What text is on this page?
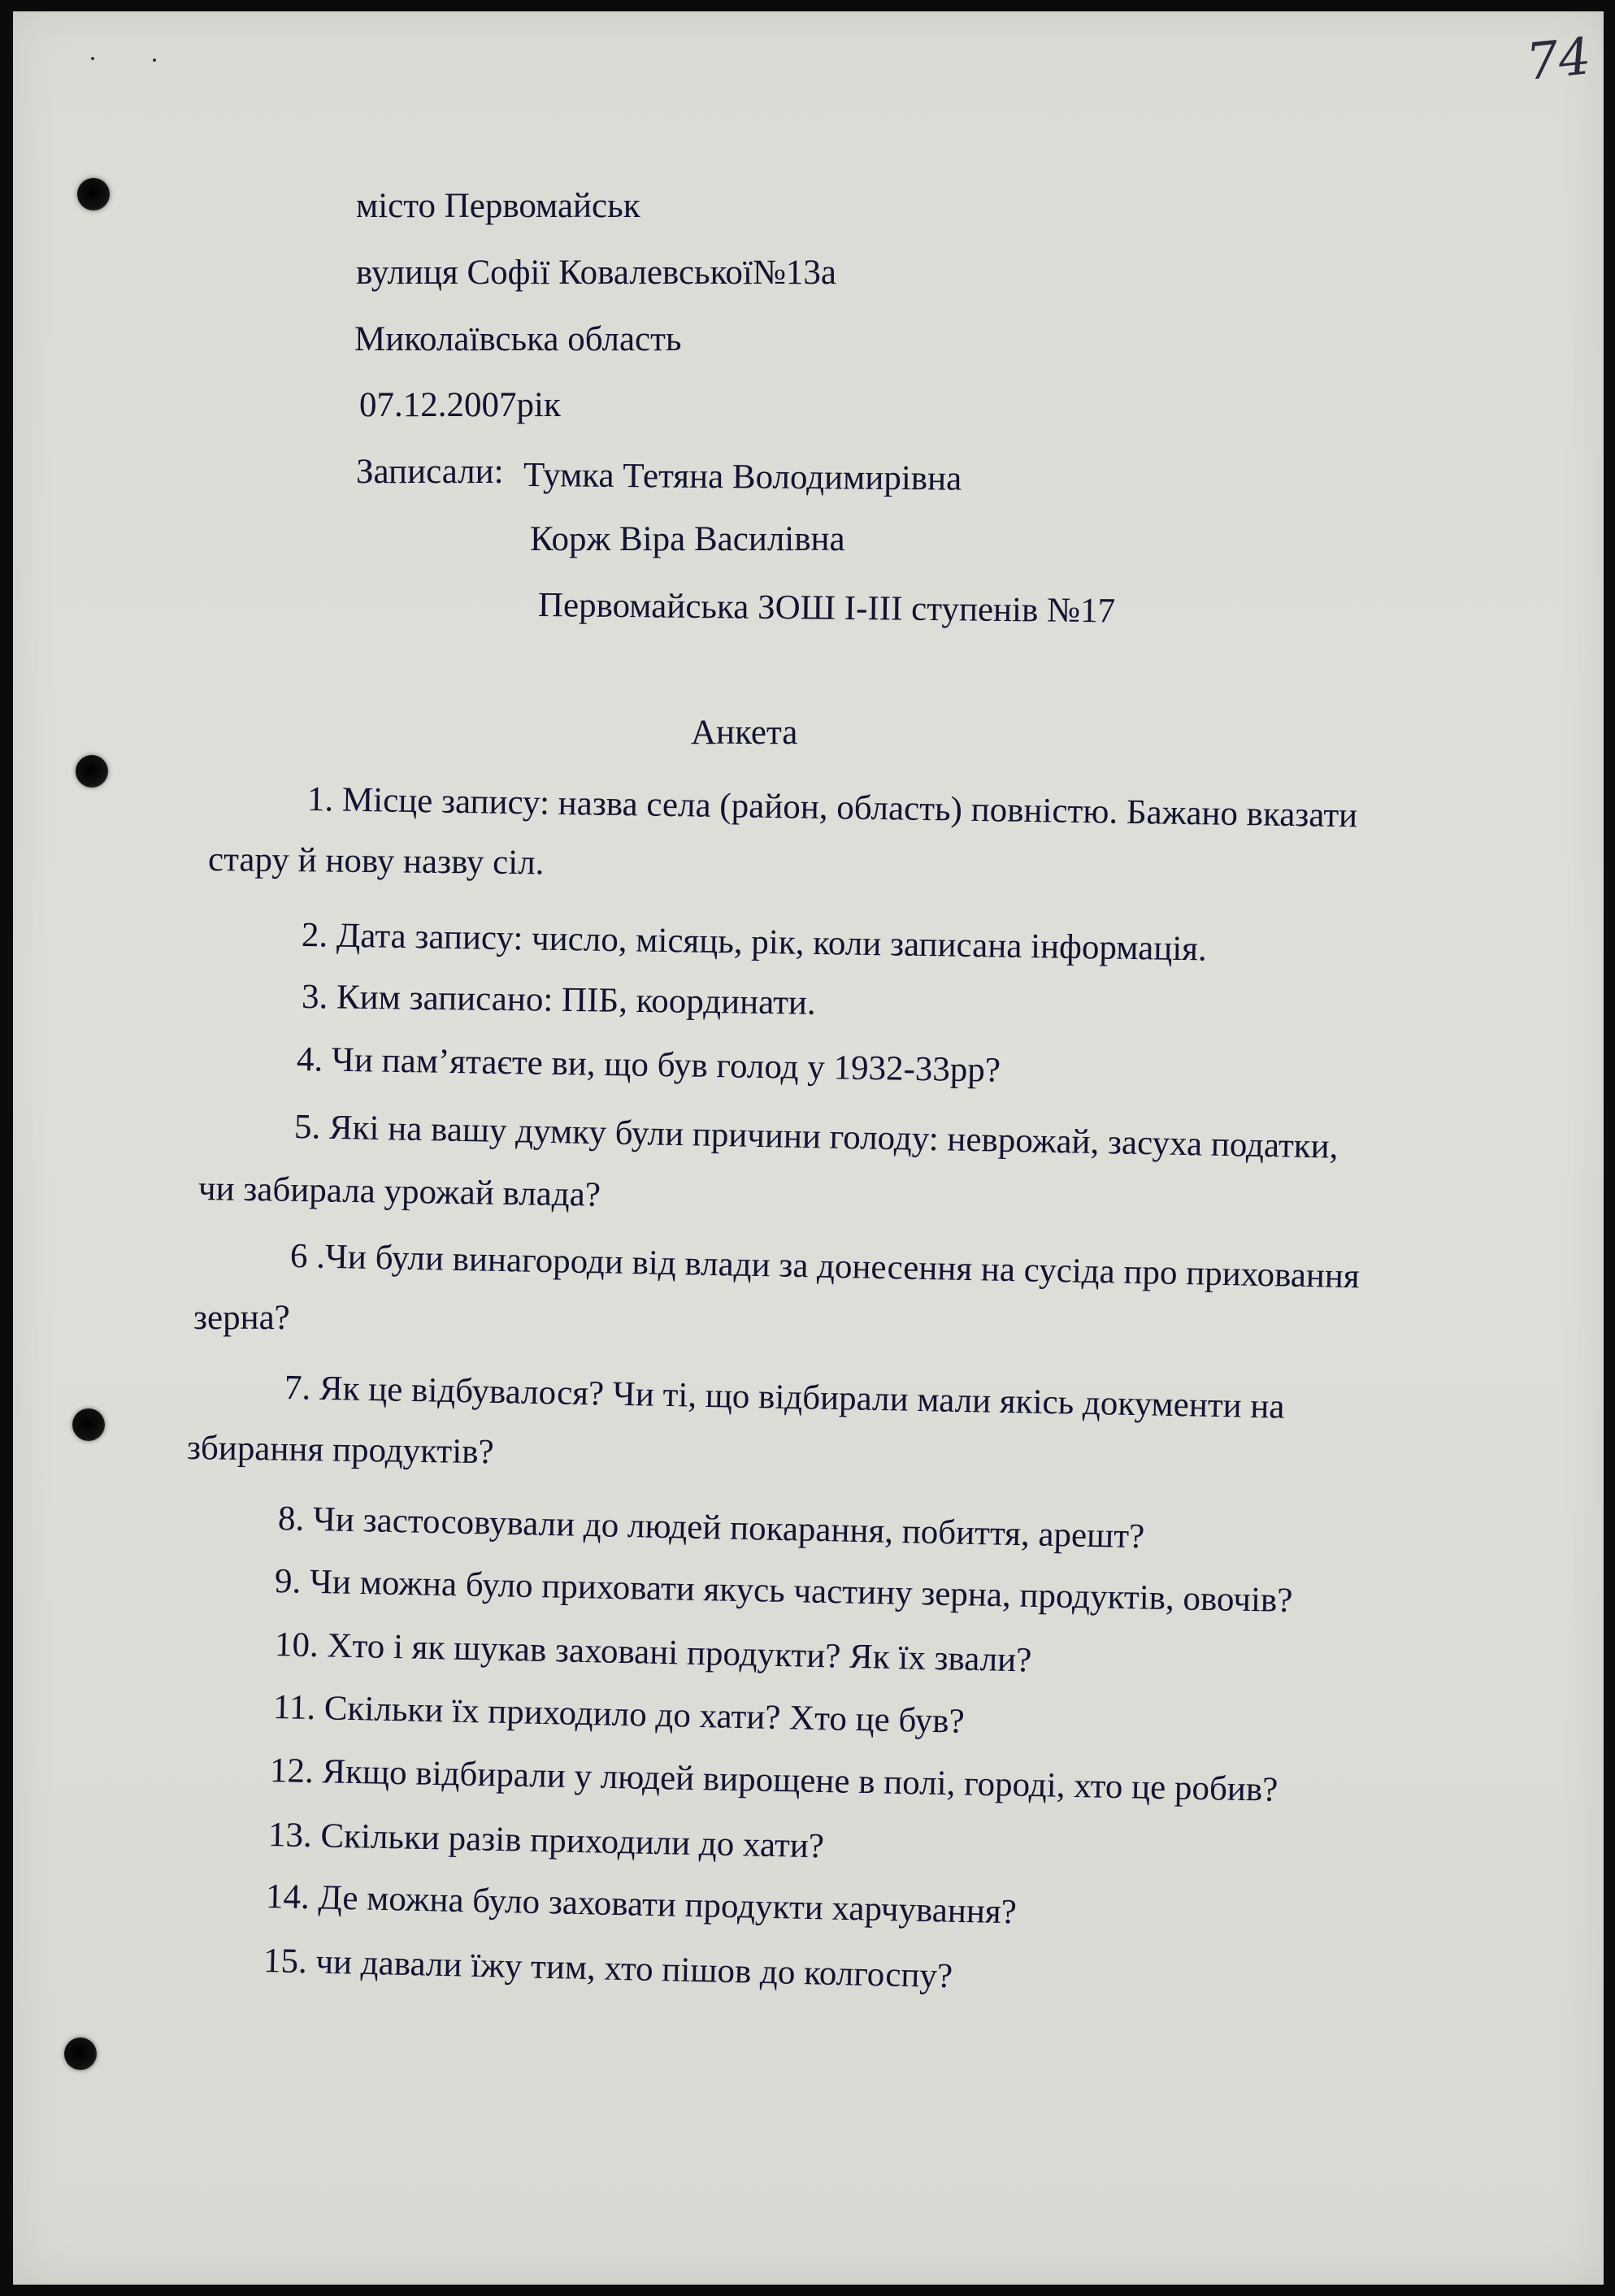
74
місто Первомайськ
вулиця Софії Ковалевської№13а
Миколаївська область
07.12.2007рік
Записали: Тумка Тетяна Володимирівна
Корж Віра Василівна
Первомайська ЗОШ І-ІІІ ступенів №17
Анкета
1. Місце запису: назва села (район, область) повністю. Бажано вказати
стару й нову назву сіл.
2. Дата запису: число, місяць, рік, коли записана інформація.
3. Ким записано: ПІБ, координати.
4. Чи пам’ятаєте ви, що був голод у 1932-33рр?
5. Які на вашу думку були причини голоду: неврожай, засуха податки,
чи забирала урожай влада?
6 .Чи були винагороди від влади за донесення на сусіда про приховання
зерна?
7. Як це відбувалося? Чи ті, що відбирали мали якісь документи на
збирання продуктів?
8. Чи застосовували до людей покарання, побиття, арешт?
9. Чи можна було приховати якусь частину зерна, продуктів, овочів?
10. Хто і як шукав заховані продукти? Як їх звали?
11. Скільки їх приходило до хати? Хто це був?
12. Якщо відбирали у людей вирощене в полі, городі, хто це робив?
13. Скільки разів приходили до хати?
14. Де можна було заховати продукти харчування?
15. чи давали їжу тим, хто пішов до колгоспу?
